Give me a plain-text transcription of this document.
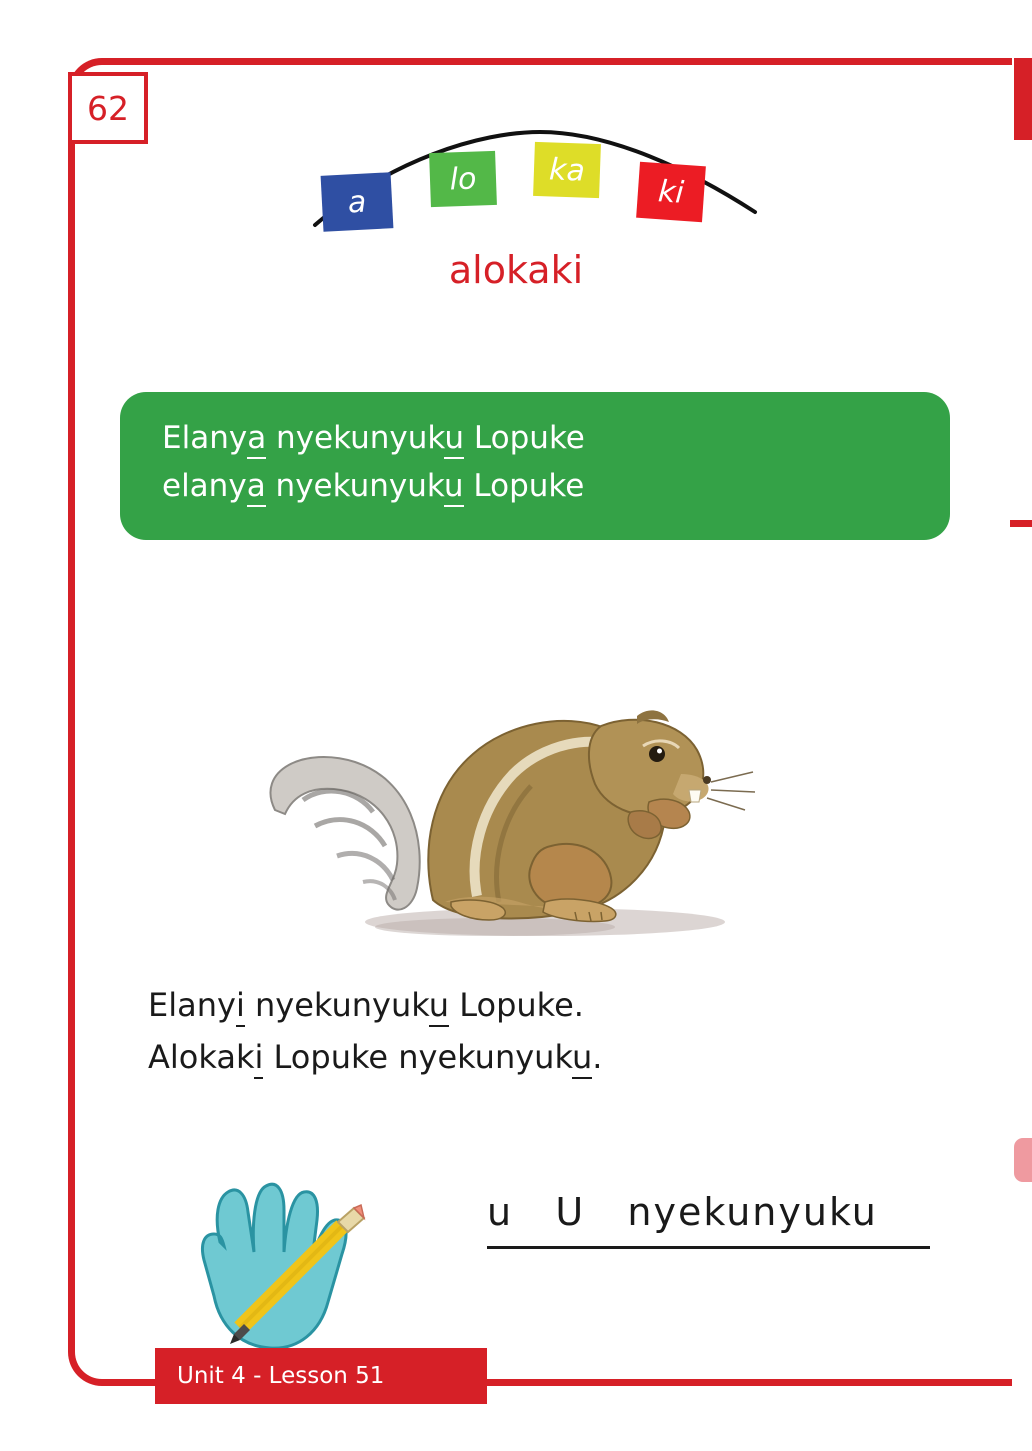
62
a
lo ka
ki
alokaki
Elanya nyekunyuku Lopuke
elanya nyekunyuku Lopuke
Elanyi nyekunyuku Lopuke.
Alokaki Lopuke nyekunyuku.
u U nyekunyuku
Unit 4 - Lesson 51
